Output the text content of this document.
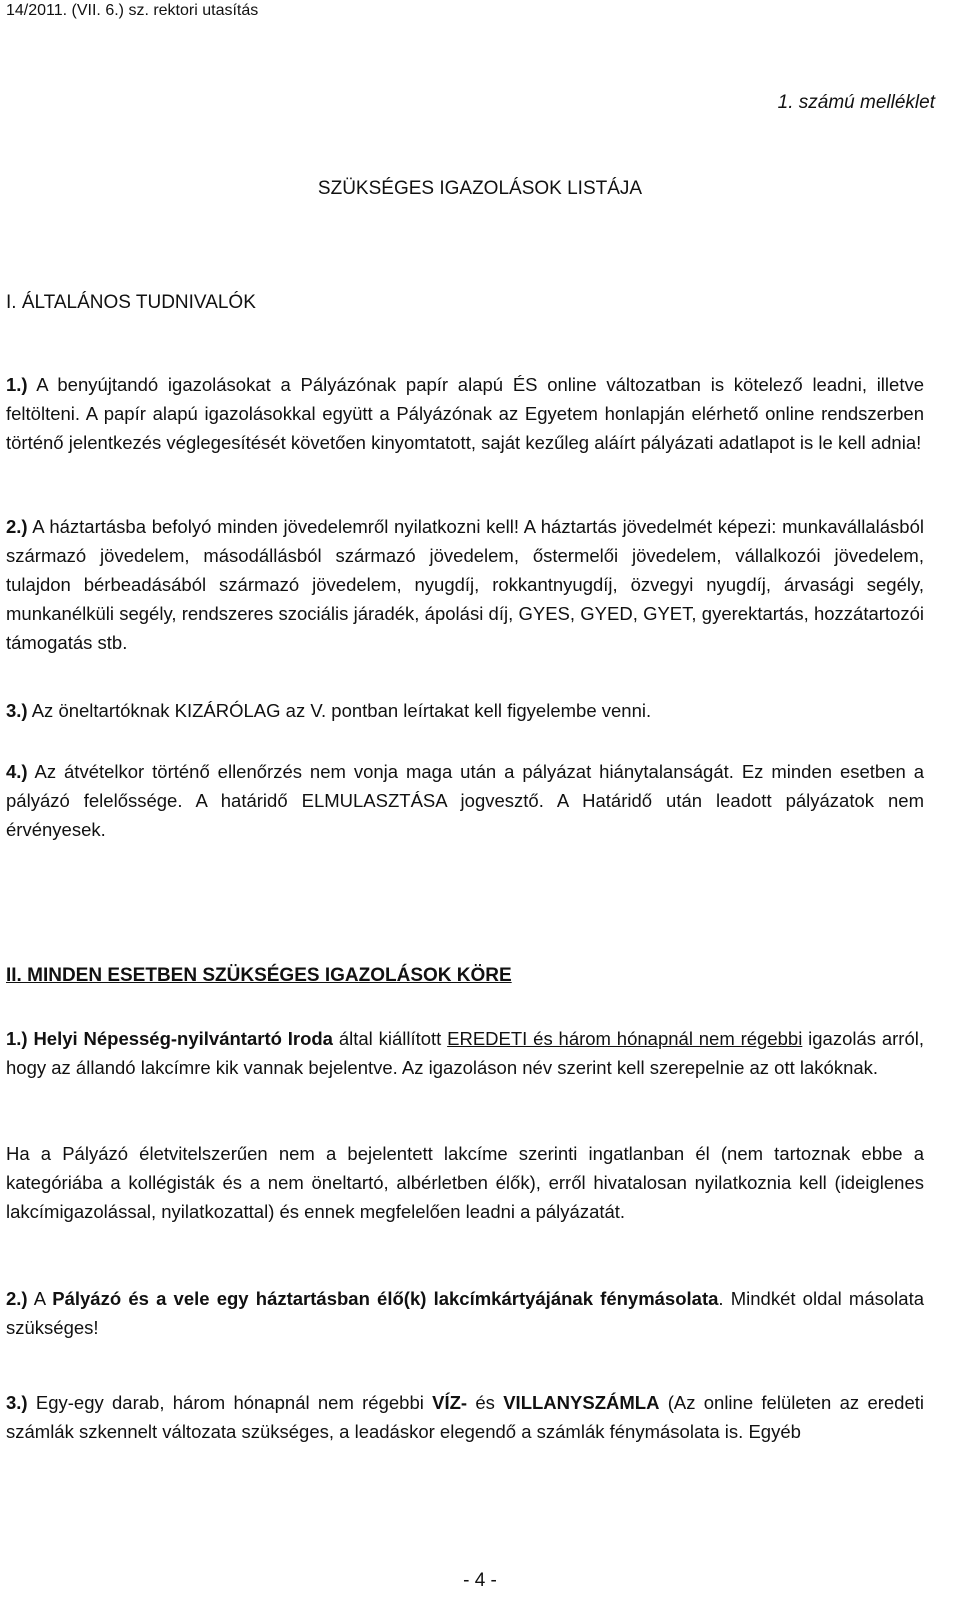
14/2011. (VII. 6.) sz. rektori utasítás
1. számú melléklet
SZÜKSÉGES IGAZOLÁSOK LISTÁJA
I. ÁLTALÁNOS TUDNIVALÓK
1.) A benyújtandó igazolásokat a Pályázónak papír alapú ÉS online változatban is kötelező leadni, illetve feltölteni. A papír alapú igazolásokkal együtt a Pályázónak az Egyetem honlapján elérhető online rendszerben történő jelentkezés véglegesítését követően kinyomtatott, saját kezűleg aláírt pályázati adatlapot is le kell adnia!
2.) A háztartásba befolyó minden jövedelemről nyilatkozni kell! A háztartás jövedelmét képezi: munkavállalásból származó jövedelem, másodállásból származó jövedelem, őstermelői jövedelem, vállalkozói jövedelem, tulajdon bérbeadásából származó jövedelem, nyugdíj, rokkantnyugdíj, özvegyi nyugdíj, árvasági segély, munkanélküli segély, rendszeres szociális járadék, ápolási díj, GYES, GYED, GYET, gyerektartás, hozzátartozói támogatás stb.
3.) Az öneltartóknak KIZÁRÓLAG az V. pontban leírtakat kell figyelembe venni.
4.) Az átvételkor történő ellenőrzés nem vonja maga után a pályázat hiánytalanságát. Ez minden esetben a pályázó felelőssége. A határidő ELMULASZTÁSA jogvesztő. A Határidő után leadott pályázatok nem érvényesek.
II. MINDEN ESETBEN SZÜKSÉGES IGAZOLÁSOK KÖRE
1.) Helyi Népesség-nyilvántartó Iroda által kiállított EREDETI és három hónapnál nem régebbi igazolás arról, hogy az állandó lakcímre kik vannak bejelentve. Az igazoláson név szerint kell szerepelnie az ott lakóknak.
Ha a Pályázó életvitelszerűen nem a bejelentett lakcíme szerinti ingatlanban él (nem tartoznak ebbe a kategóriába a kollégisták és a nem öneltartó, albérletben élők), erről hivatalosan nyilatkoznia kell (ideiglenes lakcímigazolással, nyilatkozattal) és ennek megfelelően leadni a pályázatát.
2.) A Pályázó és a vele egy háztartásban élő(k) lakcímkártyájának fénymásolata. Mindkét oldal másolata szükséges!
3.) Egy-egy darab, három hónapnál nem régebbi VÍZ- és VILLANYSZÁMLA (Az online felületen az eredeti számlák szkennelt változata szükséges, a leadáskor elegendő a számlák fénymásolata is. Egyéb
- 4 -
